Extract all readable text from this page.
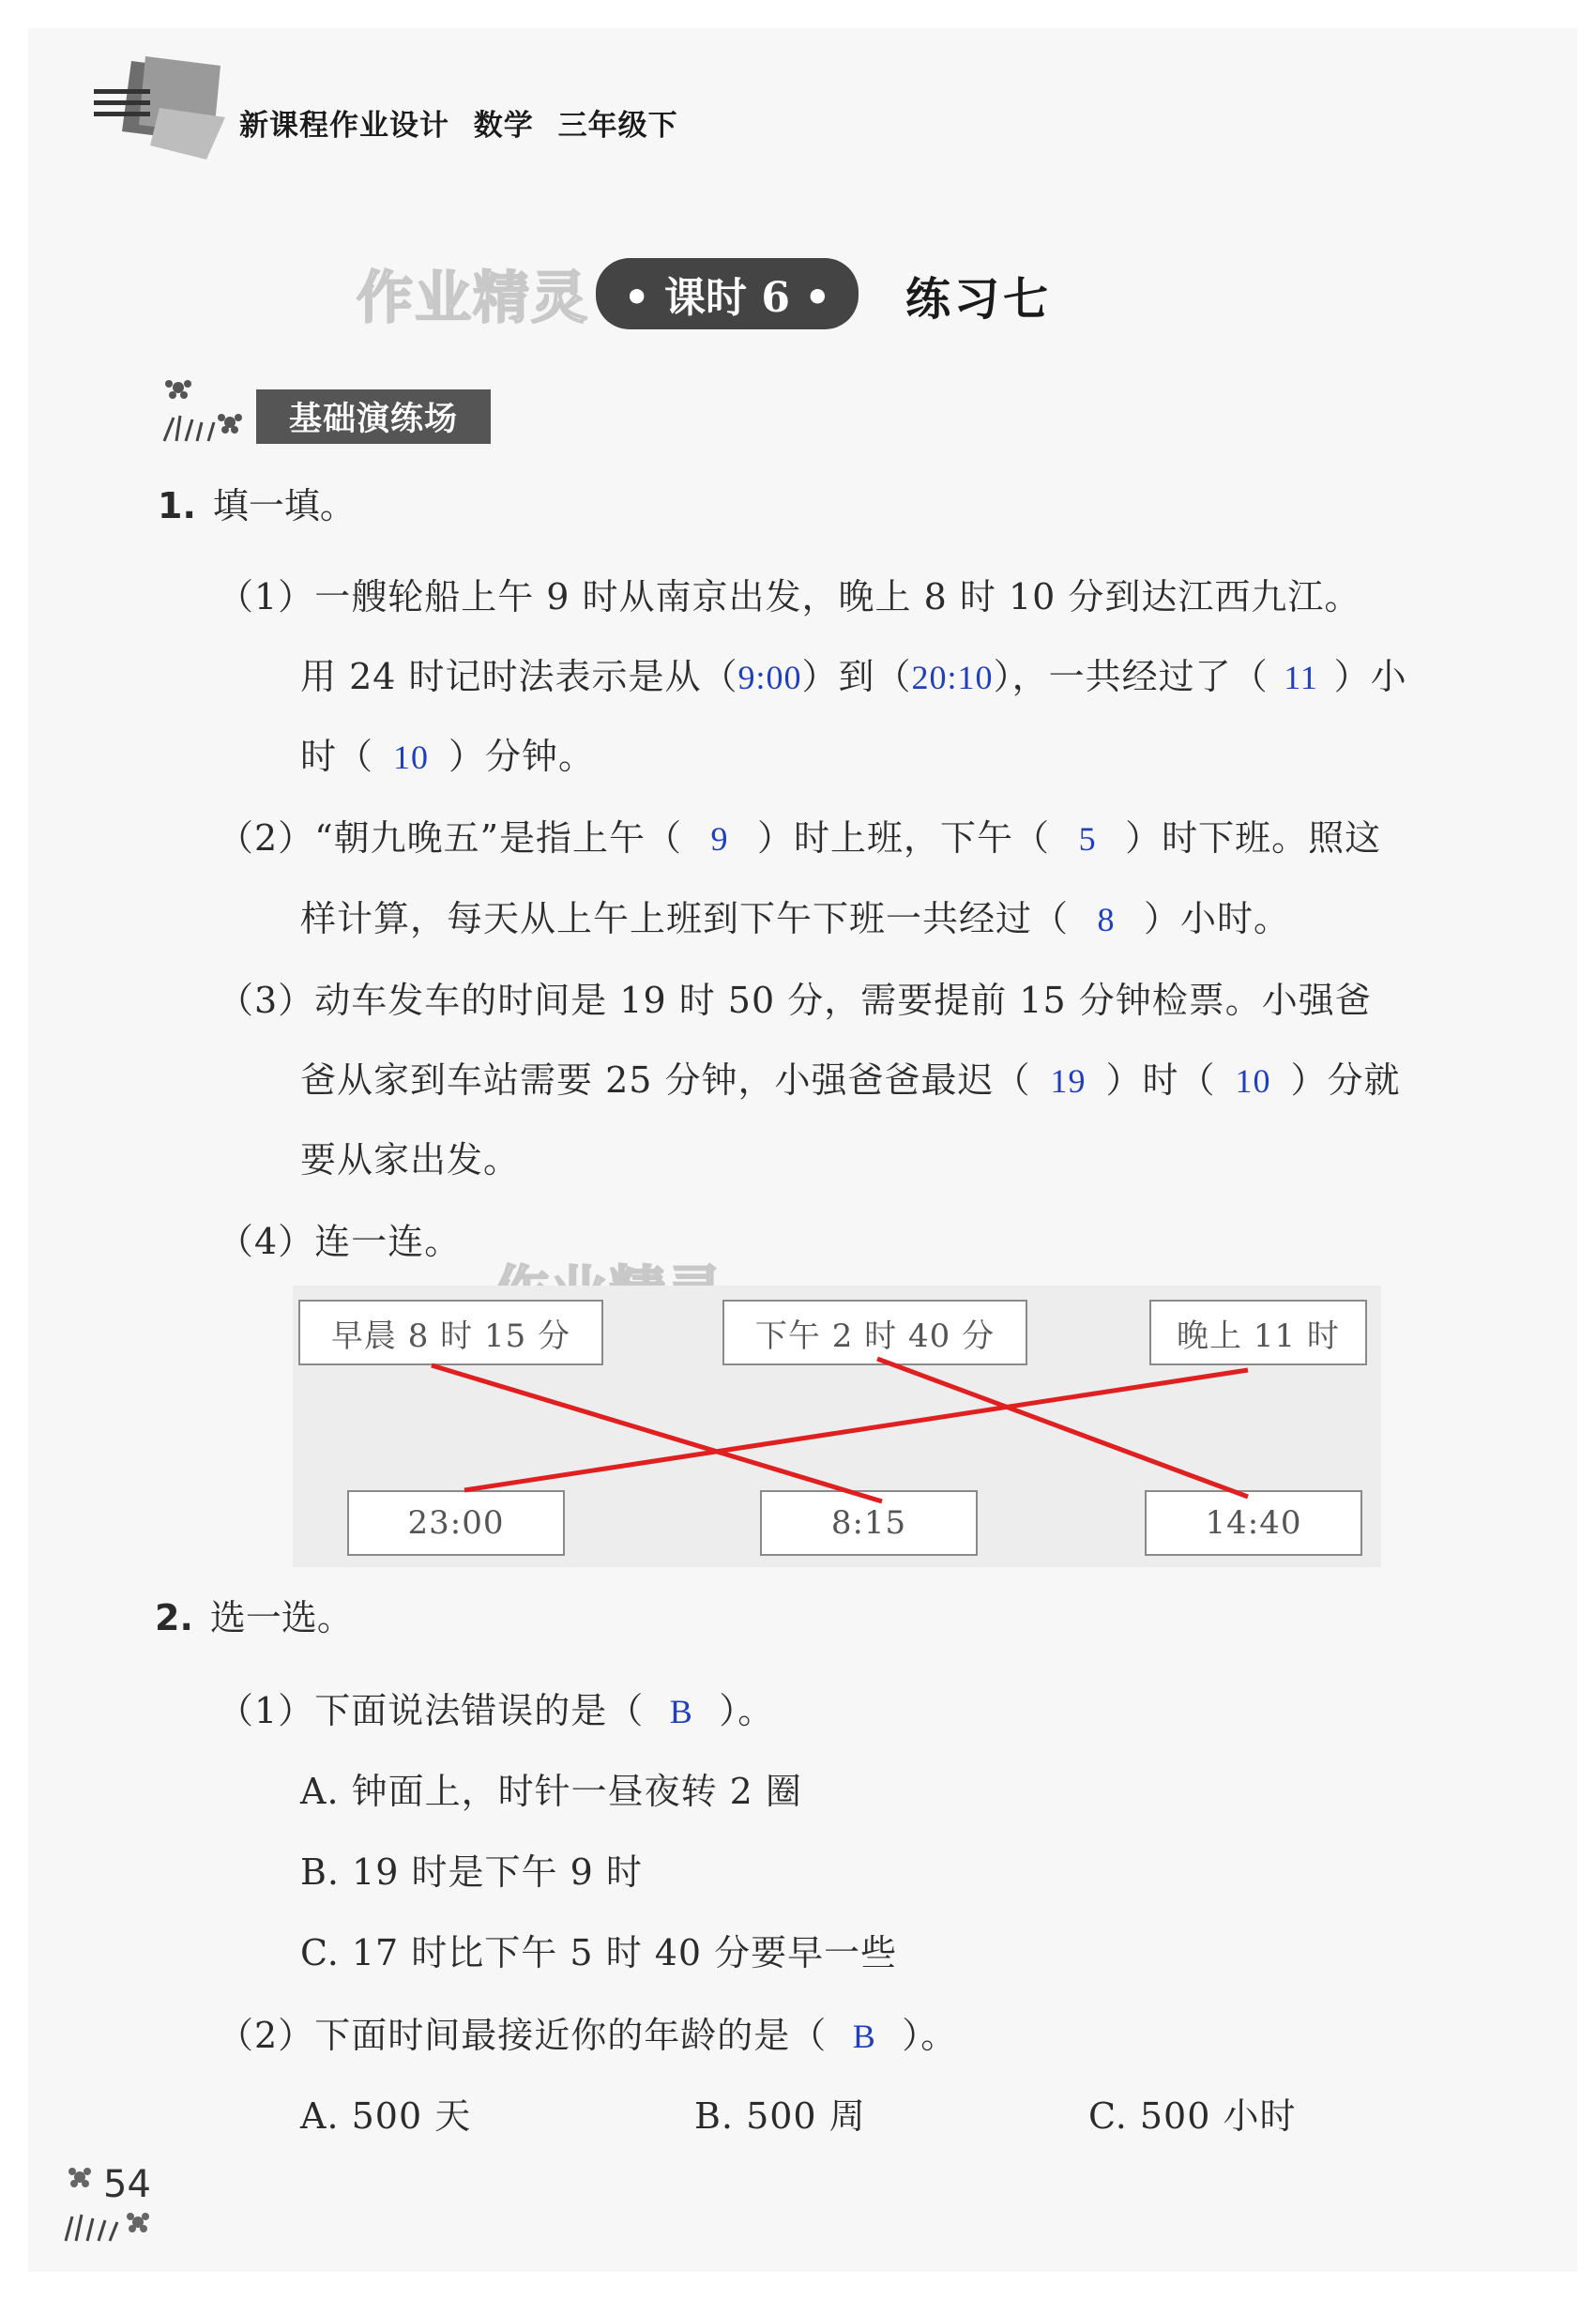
新课程作业设计 数学 三年级下
作业精灵 • 课时 6 •	练习七
基础演练场
1. 填一填。
（1）一艘轮船上午 9 时从南京出发，晚上 8 时 10 分到达江西九江。
用 24 时记时法表示是从（9:00）到（20:10），一共经过了（ 11 ）小
时（ 10 ）分钟。
（2）“朝九晚五”是指上午（ 9 ）时上班，下午（ 5 ）时下班。照这
样计算，每天从上午上班到下午下班一共经过（ 8 ）小时。
（3）动车发车的时间是 19 时 50 分，需要提前 15 分钟检票。小强爸
爸从家到车站需要 25 分钟，小强爸爸最迟（ 19 ）时（ 10 ）分就
要从家出发。
（4）连一连。
早晨 8 时 15 分	下午 2 时 40 分	晚上 11 时
23:00	8:15	14:40
2. 选一选。
（1）下面说法错误的是（ B ）。
A. 钟面上，时针一昼夜转 2 圈
B. 19 时是下午 9 时
C. 17 时比下午 5 时 40 分要早一些
（2）下面时间最接近你的年龄的是（ B ）。
A. 500 天	B. 500 周	C. 500 小时
54
